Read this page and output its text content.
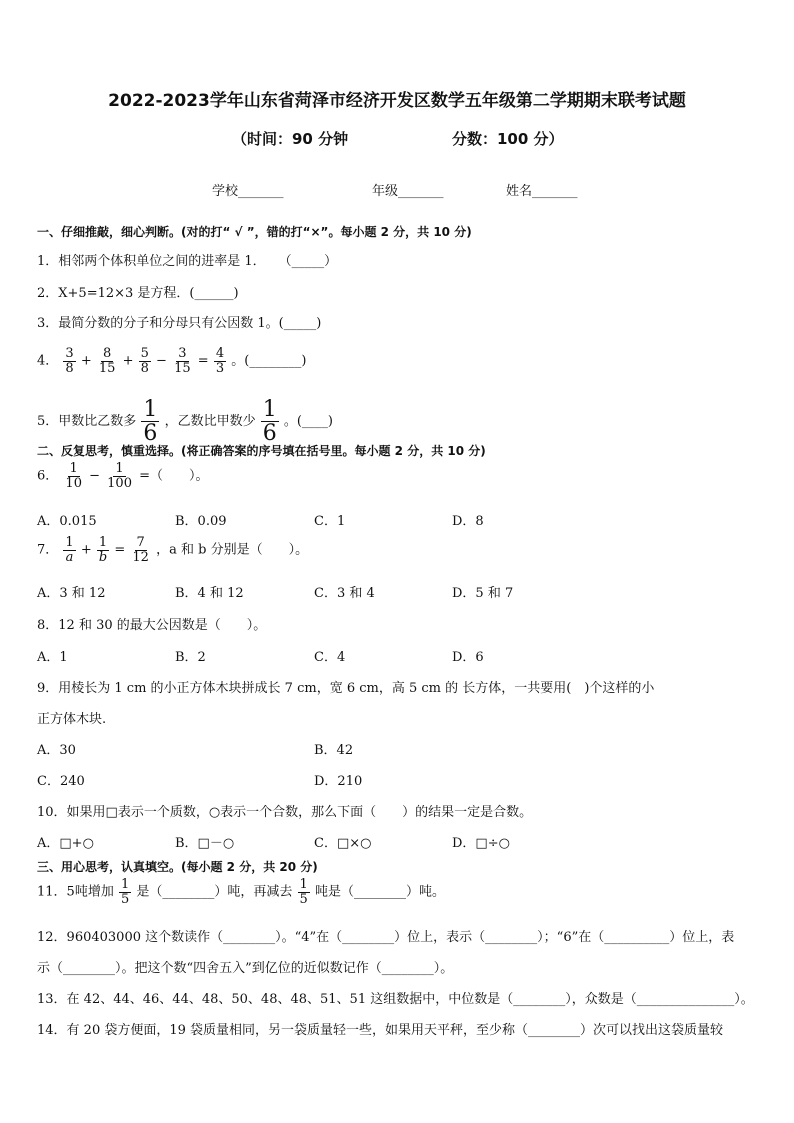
2022-2023学年山东省菏泽市经济开发区数学五年级第二学期期末联考试题
（时间：90 分钟	分数：100 分）
学校_______	年级_______	姓名_______
一、仔细推敲，细心判断。(对的打“ √ ”，错的打“×”。每小题 2 分，共 10 分)
1．相邻两个体积单位之间的进率是 1．　　（_____）
2．X+5=12×3 是方程．(______)
3．最简分数的分子和分母只有公因数 1。(_____)
4． $\frac{3}{8} + \frac{8}{15} + \frac{5}{8} - \frac{3}{15} = \frac{4}{3}$ 。(________)
5．甲数比乙数多 $\frac{1}{6}$ ，乙数比甲数少 $\frac{1}{6}$ 。(____)
二、反复思考，慎重选择。(将正确答案的序号填在括号里。每小题 2 分，共 10 分)
6． $\frac{1}{10} - \frac{1}{100}$ =（　　）。
A．0.015	B．0.09	C．1	D．8
7． $\frac{1}{a} + \frac{1}{b} = \frac{7}{12}$ ，a 和 b 分别是（　　）。
A．3 和 12	B．4 和 12	C．3 和 4	D．5 和 7
8．12 和 30 的最大公因数是（　　）。
A．1	B．2	C．4	D．6
9．用棱长为 1 cm 的小正方体木块拼成长 7 cm，宽 6 cm，高 5 cm 的 长方体，一共要用(　)个这样的小
正方体木块.
A．30	B．42
C．240	D．210
10．如果用□表示一个质数，○表示一个合数，那么下面（　　）的结果一定是合数。
A．□+○	B．□－○	C．□×○	D．□÷○
三、用心思考，认真填空。(每小题 2 分，共 20 分)
11．5吨增加 $\frac{1}{5}$ 是（________）吨，再减去 $\frac{1}{5}$ 吨是（________）吨。
12．960403000 这个数读作（________）。“4”在（________）位上，表示（________）；“6”在（__________）位上，表
示（________）。把这个数“四舍五入”到亿位的近似数记作（________）。
13．在 42、44、46、44、48、50、48、48、51、51 这组数据中，中位数是（________），众数是（_______________）。
14．有 20 袋方便面，19 袋质量相同，另一袋质量轻一些，如果用天平秤，至少称（________）次可以找出这袋质量较
